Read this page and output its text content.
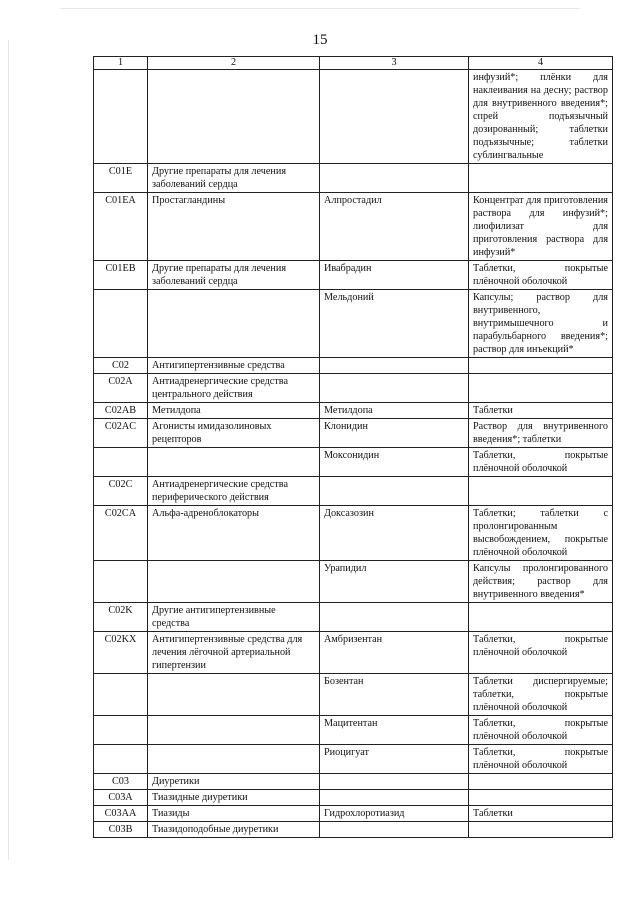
15
1	2	3	4
			инфузий*; плёнки для наклеивания на десну; раствор для внутривенного введения*; спрей подъязычный дозированный; таблетки подъязычные; таблетки сублингвальные
C01E	Другие препараты для лечения заболеваний сердца		
C01EA	Простагландины	Алпростадил	Концентрат для приготовления раствора для инфузий*; лиофилизат для приготовления раствора для инфузий*
C01EB	Другие препараты для лечения заболеваний сердца	Ивабрадин	Таблетки, покрытые плёночной оболочкой
		Мельдоний	Капсулы; раствор для внутривенного, внутримышечного и парабульбарного введения*; раствор для инъекций*
C02	Антигипертензивные средства		
C02A	Антиадренергические средства центрального действия		
C02AB	Метилдопа	Метилдопа	Таблетки
C02AC	Агонисты имидазолиновых рецепторов	Клонидин	Раствор для внутривенного введения*; таблетки
		Моксонидин	Таблетки, покрытые плёночной оболочкой
C02C	Антиадренергические средства периферического действия		
C02CA	Альфа-адреноблокаторы	Доксазозин	Таблетки; таблетки с пролонгированным высвобождением, покрытые плёночной оболочкой
		Урапидил	Капсулы пролонгированного действия; раствор для внутривенного введения*
C02K	Другие антигипертензивные средства		
C02KX	Антигипертензивные средства для лечения лёгочной артериальной гипертензии	Амбризентан	Таблетки, покрытые плёночной оболочкой
		Бозентан	Таблетки диспергируемые; таблетки, покрытые плёночной оболочкой
		Мацитентан	Таблетки, покрытые плёночной оболочкой
		Риоцигуат	Таблетки, покрытые плёночной оболочкой
C03	Диуретики		
C03A	Тиазидные диуретики		
C03AA	Тиазиды	Гидрохлоротиазид	Таблетки
C03B	Тиазидоподобные диуретики		
